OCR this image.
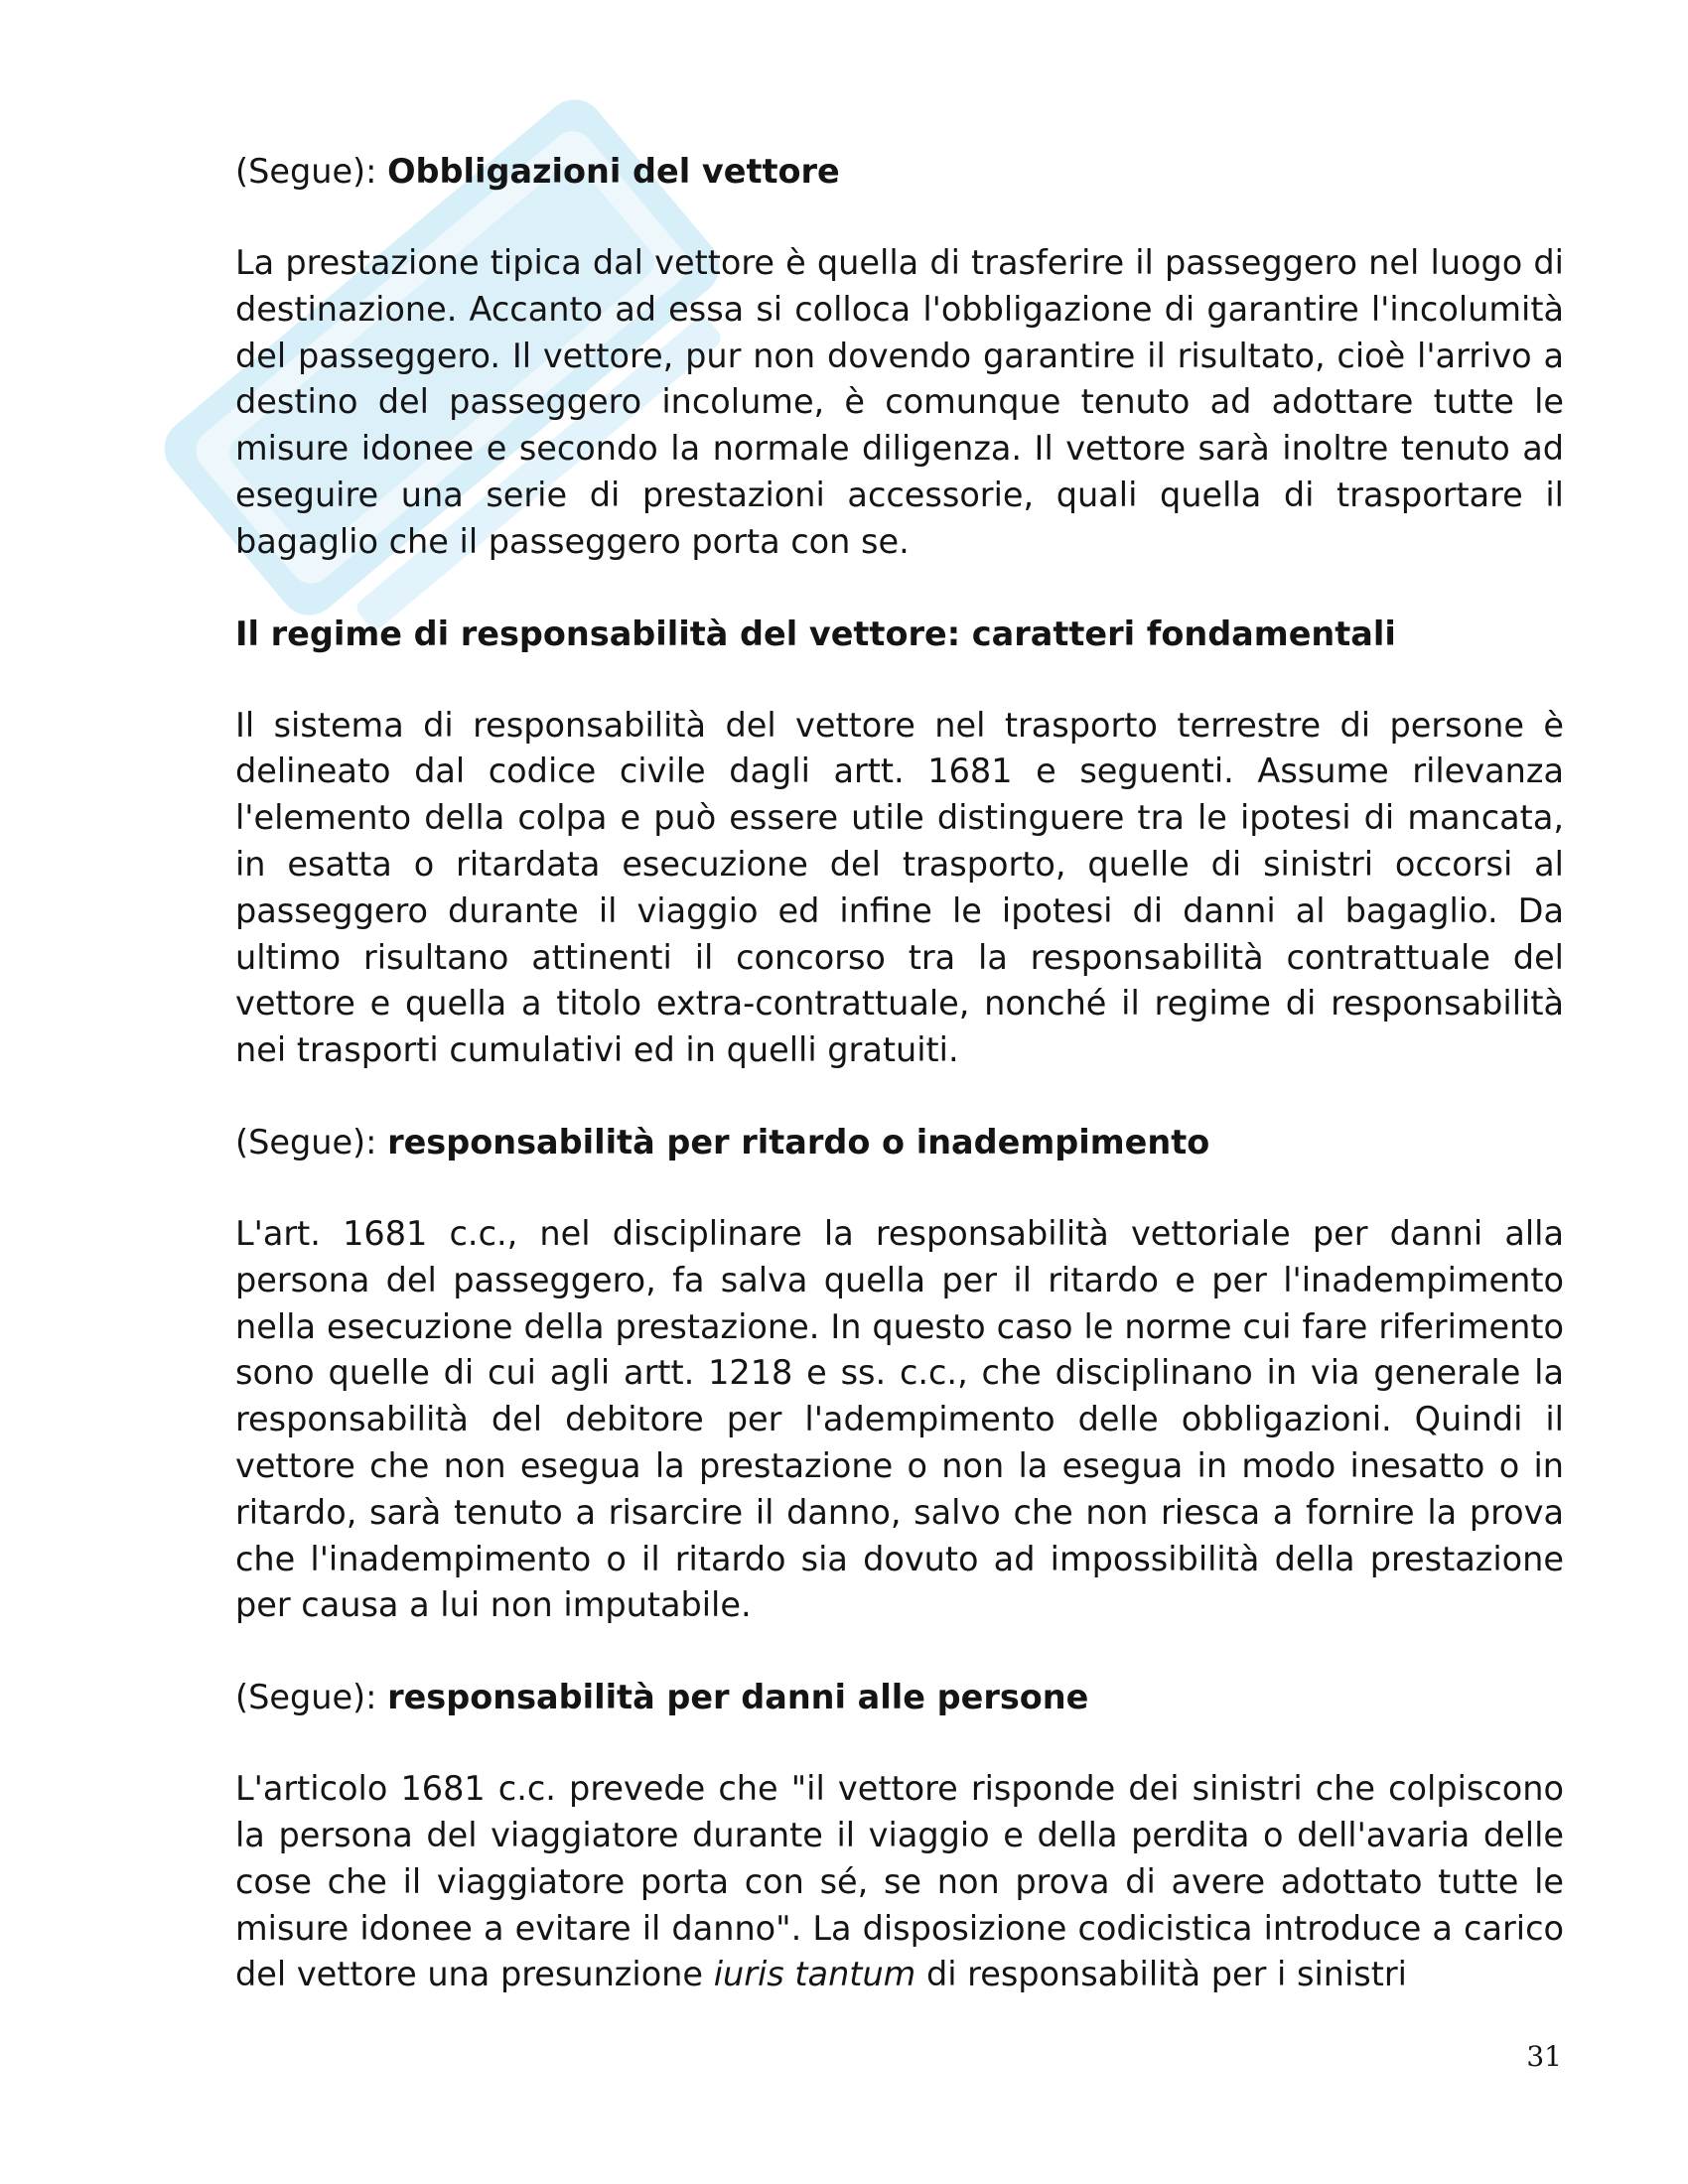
(Segue): Obbligazioni del vettore

La prestazione tipica dal vettore è quella di trasferire il passeggero nel luogo di destinazione. Accanto ad essa si colloca l'obbligazione di garantire l'incolumità del passeggero. Il vettore, pur non dovendo garantire il risultato, cioè l'arrivo a destino del passeggero incolume, è comunque tenuto ad adottare tutte le misure idonee e secondo la normale diligenza. Il vettore sarà inoltre tenuto ad eseguire una serie di prestazioni accessorie, quali quella di trasportare il bagaglio che il passeggero porta con se.

Il regime di responsabilità del vettore: caratteri fondamentali

Il sistema di responsabilità del vettore nel trasporto terrestre di persone è delineato dal codice civile dagli artt. 1681 e seguenti. Assume rilevanza l'elemento della colpa e può essere utile distinguere tra le ipotesi di mancata, in esatta o ritardata esecuzione del trasporto, quelle di sinistri occorsi al passeggero durante il viaggio ed infine le ipotesi di danni al bagaglio. Da ultimo risultano attinenti il concorso tra la responsabilità contrattuale del vettore e quella a titolo extra-contrattuale, nonché il regime di responsabilità nei trasporti cumulativi ed in quelli gratuiti.

(Segue): responsabilità per ritardo o inadempimento

L'art. 1681 c.c., nel disciplinare la responsabilità vettoriale per danni alla persona del passeggero, fa salva quella per il ritardo e per l'inadempimento nella esecuzione della prestazione. In questo caso le norme cui fare riferimento sono quelle di cui agli artt. 1218 e ss. c.c., che disciplinano in via generale la responsabilità del debitore per l'adempimento delle obbligazioni. Quindi il vettore che non esegua la prestazione o non la esegua in modo inesatto o in ritardo, sarà tenuto a risarcire il danno, salvo che non riesca a fornire la prova che l'inadempimento o il ritardo sia dovuto ad impossibilità della prestazione per causa a lui non imputabile.

(Segue): responsabilità per danni alle persone

L'articolo 1681 c.c. prevede che "il vettore risponde dei sinistri che colpiscono la persona del viaggiatore durante il viaggio e della perdita o dell'avaria delle cose che il viaggiatore porta con sé, se non prova di avere adottato tutte le misure idonee a evitare il danno". La disposizione codicistica introduce a carico del vettore una presunzione iuris tantum di responsabilità per i sinistri

31
